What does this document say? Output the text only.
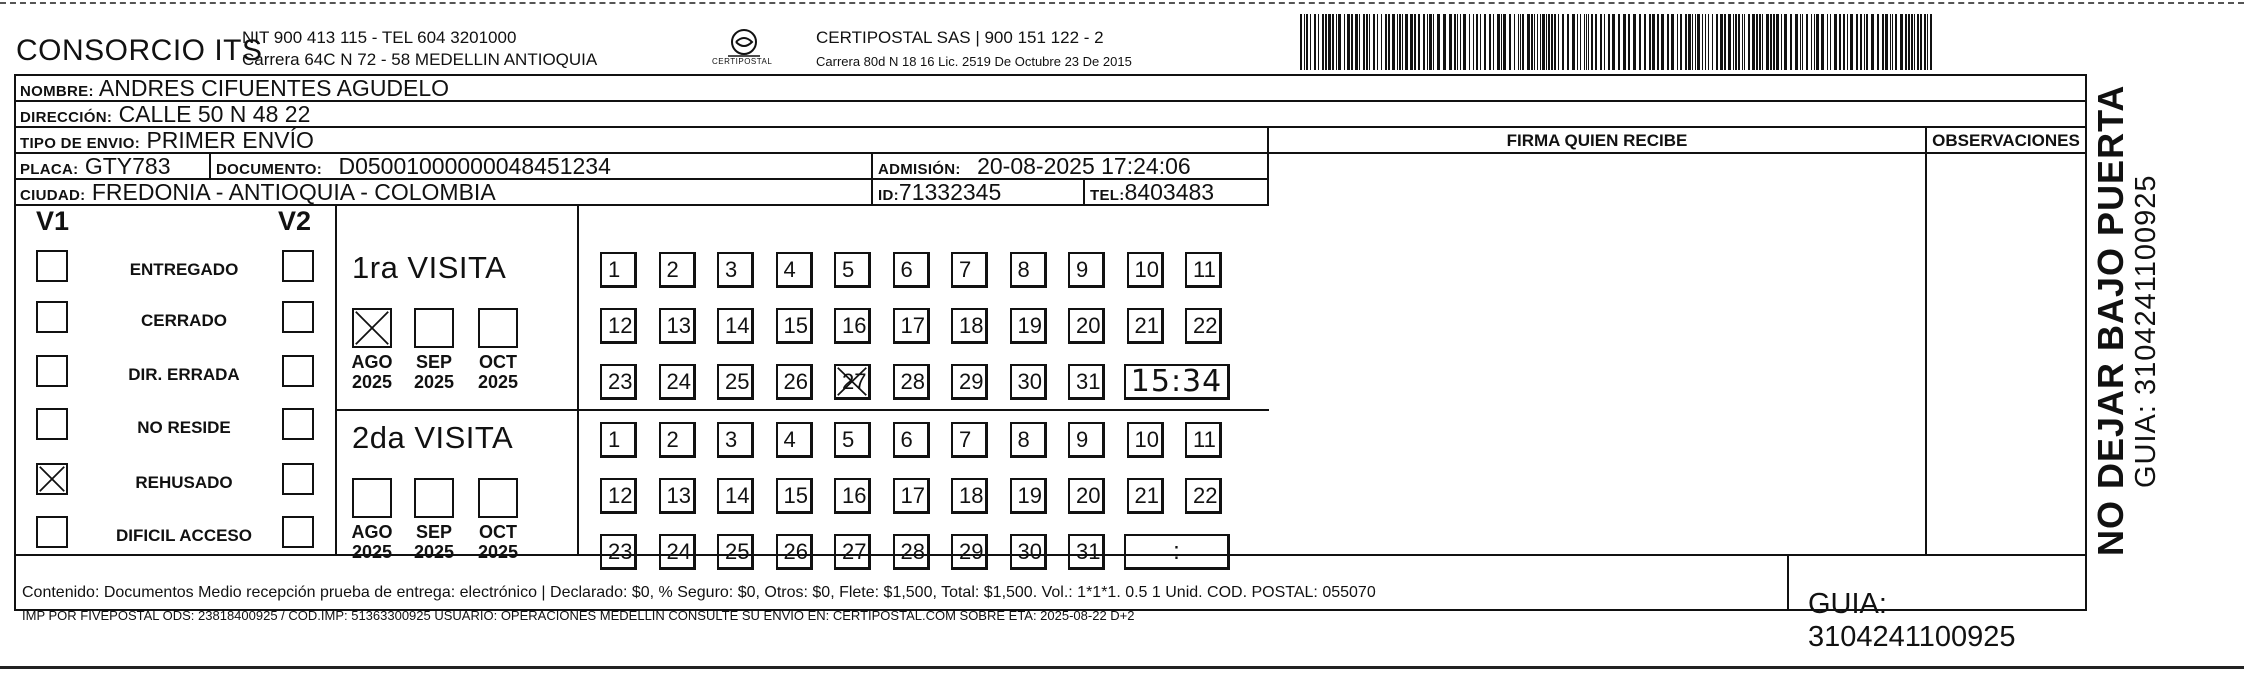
CONSORCIO ITS
NIT 900 413 115 - TEL 604 3201000
Carrera 64C N 72 - 58 MEDELLIN ANTIOQUIA	CERTIPOSTAL
CERTIPOSTAL SAS | 900 151 122 - 2
Carrera 80d N 18 16 Lic. 2519 De Octubre 23 De 2015
NOMBRE: ANDRES CIFUENTES AGUDELO
DIRECCIÓN: CALLE 50 N 48 22
TIPO DE ENVIO: PRIMER ENVÍO
PLACA: GTY783	DOCUMENTO: D05001000000048451234	ADMISIÓN: 20-08-2025 17:24:06
CIUDAD: FREDONIA - ANTIOQUIA - COLOMBIA	ID:71332345	TEL:8403483
FIRMA QUIEN RECIBE	OBSERVACIONES
V1	V2
ENTREGADO
CERRADO
DIR. ERRADA
NO RESIDE
REHUSADO
DIFICIL ACCESO
1ra VISITA
AGO
2025
SEP
2025
OCT
2025
1	2	3	4	5	6	7	8	9	10	11
12	13	14	15	16	17	18	19	20	21	22
23	24	25	26	27	28	29	30	31 15:34
2da VISITA
AGO
2025
SEP
2025
OCT
2025
1	2	3	4	5	6	7	8	9	10	11
12	13	14	15	16	17	18	19	20	21	22
23	24	25	26	27	28	29	30	31	:
Contenido: Documentos Medio recepción prueba de entrega: electrónico | Declarado: $0, % Seguro: $0, Otros: $0, Flete: $1,500, Total: $1,500. Vol.: 1*1*1. 0.5 1 Unid. COD. POSTAL: 055070
IMP POR FIVEPOSTAL ODS: 23818400925 / COD.IMP: 51363300925 USUARIO: OPERACIONES MEDELLIN CONSULTE SU ENVIO EN: CERTIPOSTAL.COM SOBRE ETA: 2025-08-22 D+2	GUIA: 3104241100925
NO DEJAR BAJO PUERTA GUIA: 3104241100925
